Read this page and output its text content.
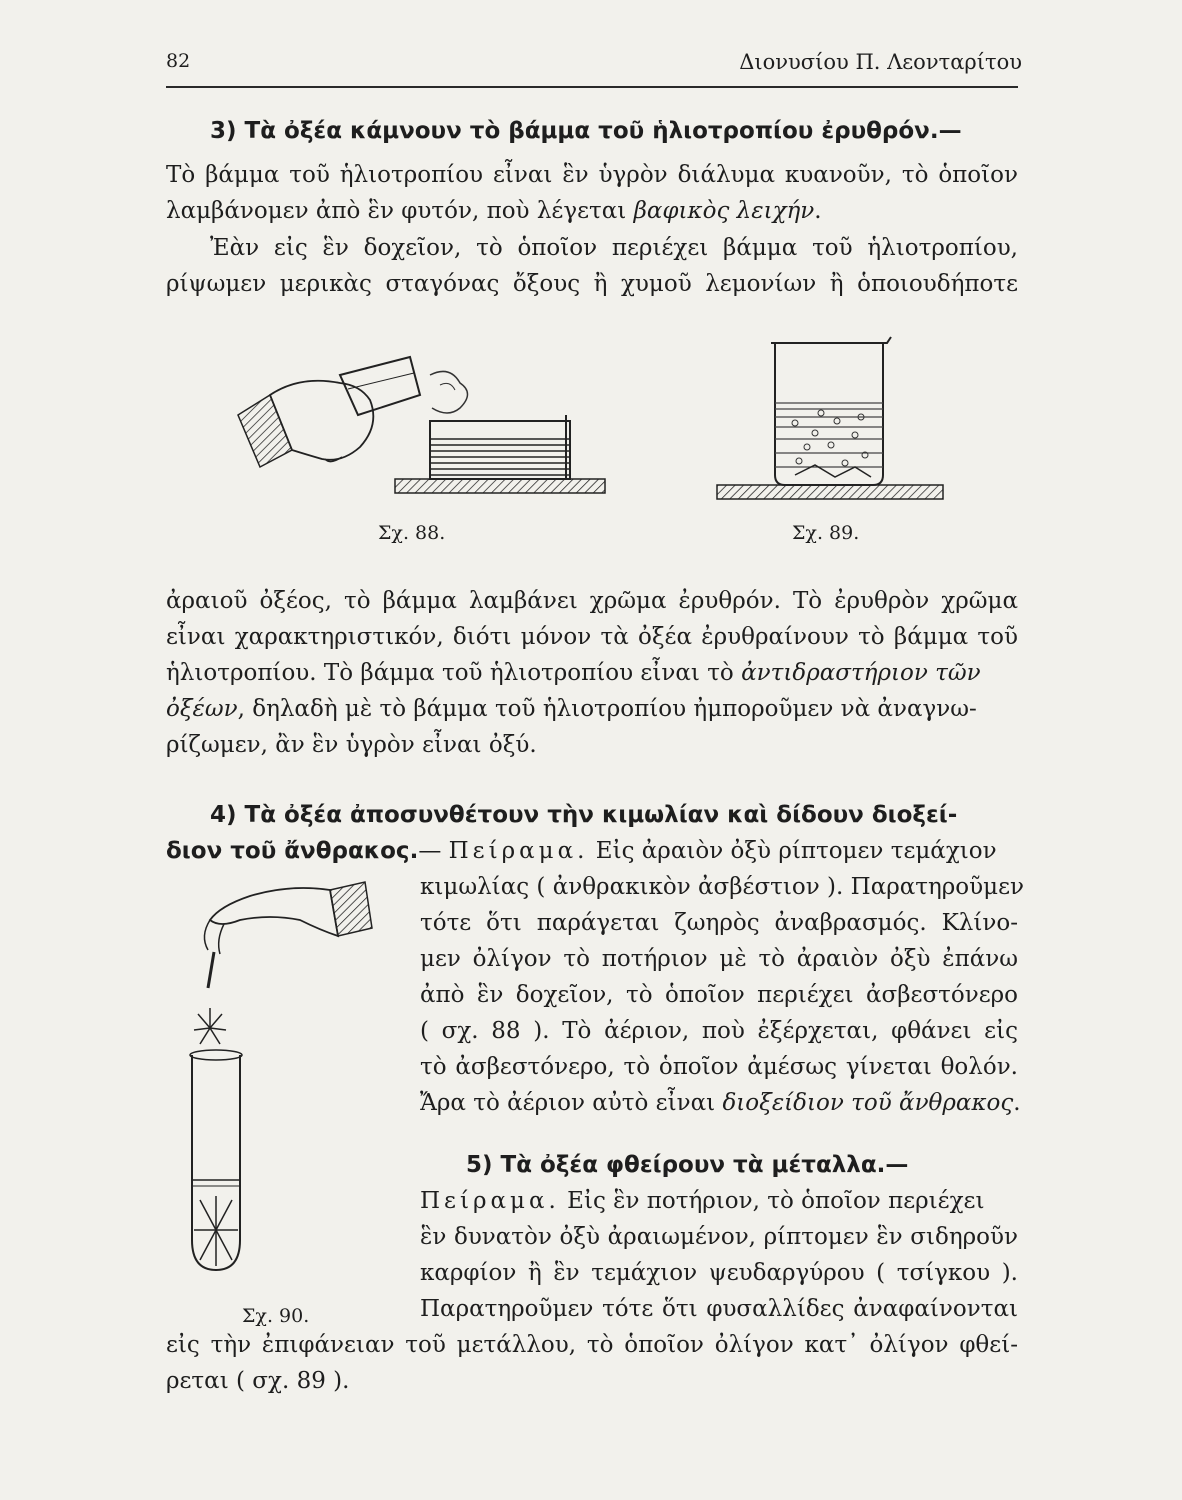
82	Διονυσίου Π. Λεονταρίτου
3) Τὰ ὀξέα κάμνουν τὸ βάμμα τοῦ ἡλιοτροπίου ἐρυθρόν.—
Τὸ βάμμα τοῦ ἡλιοτροπίου εἶναι ἓν ὑγρὸν διάλυμα κυανοῦν, τὸ ὁποῖον
λαμβάνομεν ἀπὸ ἓν φυτόν, ποὺ λέγεται βαφικὸς λειχήν.
Ἐὰν εἰς ἓν δοχεῖον, τὸ ὁποῖον περιέχει βάμμα τοῦ ἡλιοτροπίου,
ρίψωμεν μερικὰς σταγόνας ὄξους ἢ χυμοῦ λεμονίων ἢ ὁποιουδήποτε
Σχ. 88.	Σχ. 89.
ἀραιοῦ ὀξέος, τὸ βάμμα λαμβάνει χρῶμα ἐρυθρόν. Τὸ ἐρυθρὸν χρῶμα
εἶναι χαρακτηριστικόν, διότι μόνον τὰ ὀξέα ἐρυθραίνουν τὸ βάμμα τοῦ
ἡλιοτροπίου. Τὸ βάμμα τοῦ ἡλιοτροπίου εἶναι τὸ ἀντιδραστήριον τῶν
ὀξέων, δηλαδὴ μὲ τὸ βάμμα τοῦ ἡλιοτροπίου ἠμποροῦμεν νὰ ἀναγνω-
ρίζωμεν, ἂν ἓν ὑγρὸν εἶναι ὀξύ.
4) Τὰ ὀξέα ἀποσυνθέτουν τὴν κιμωλίαν καὶ δίδουν διοξεί-
διον τοῦ ἄνθρακος.— Πείραμα. Εἰς ἀραιὸν ὀξὺ ρίπτομεν τεμάχιον
κιμωλίας ( ἀνθρακικὸν ἀσβέστιον ). Παρατηροῦμεν
τότε ὅτι παράγεται ζωηρὸς ἀναβρασμός. Κλίνο-
μεν ὀλίγον τὸ ποτήριον μὲ τὸ ἀραιὸν ὀξὺ ἐπάνω
ἀπὸ ἓν δοχεῖον, τὸ ὁποῖον περιέχει ἀσβεστόνερο
( σχ. 88 ). Τὸ ἀέριον, ποὺ ἐξέρχεται, φθάνει εἰς
τὸ ἀσβεστόνερο, τὸ ὁποῖον ἀμέσως γίνεται θολόν.
Ἄρα τὸ ἀέριον αὐτὸ εἶναι διοξείδιον τοῦ ἄνθρακος.
Σχ. 90.
5) Τὰ ὀξέα φθείρουν τὰ μέταλλα.—
Πείραμα. Εἰς ἓν ποτήριον, τὸ ὁποῖον περιέχει
ἓν δυνατὸν ὀξὺ ἀραιωμένον, ρίπτομεν ἓν σιδηροῦν
καρφίον ἢ ἓν τεμάχιον ψευδαργύρου ( τσίγκου ).
Παρατηροῦμεν τότε ὅτι φυσαλλίδες ἀναφαίνονται
εἰς τὴν ἐπιφάνειαν τοῦ μετάλλου, τὸ ὁποῖον ὀλίγον κατ᾽ ὀλίγον φθεί-
ρεται ( σχ. 89 ).
